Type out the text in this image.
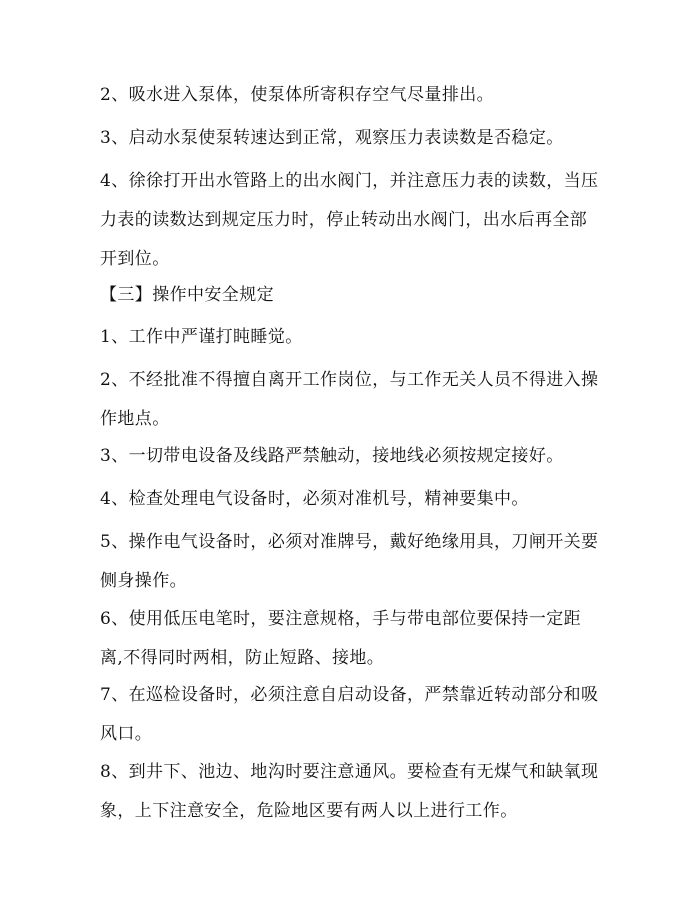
2、吸水进入泵体，使泵体所寄积存空气尽量排出。

3、启动水泵使泵转速达到正常，观察压力表读数是否稳定。

4、徐徐打开出水管路上的出水阀门，并注意压力表的读数，当压
力表的读数达到规定压力时，停止转动出水阀门，出水后再全部
开到位。

【三】操作中安全规定

1、工作中严谨打盹睡觉。

2、不经批准不得擅自离开工作岗位，与工作无关人员不得进入操
作地点。

3、一切带电设备及线路严禁触动，接地线必须按规定接好。

4、检查处理电气设备时，必须对准机号，精神要集中。

5、操作电气设备时，必须对准牌号，戴好绝缘用具，刀闸开关要
侧身操作。

6、使用低压电笔时，要注意规格，手与带电部位要保持一定距
离,不得同时两相，防止短路、接地。

7、在巡检设备时，必须注意自启动设备，严禁靠近转动部分和吸
风口。

8、到井下、池边、地沟时要注意通风。要检查有无煤气和缺氧现
象，上下注意安全，危险地区要有两人以上进行工作。
